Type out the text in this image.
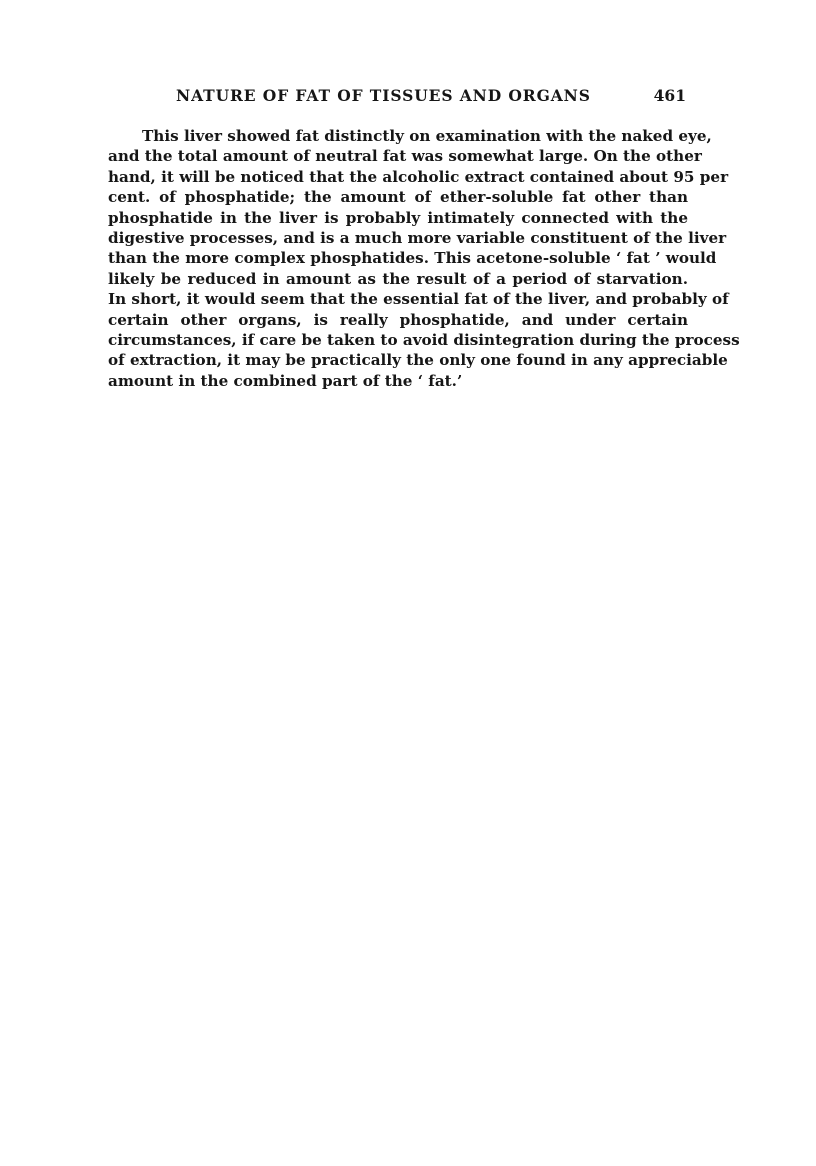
NATURE OF FAT OF TISSUES AND ORGANS	461

This liver showed fat distinctly on examination with the naked eye,
and the total amount of neutral fat was somewhat large. On the other
hand, it will be noticed that the alcoholic extract contained about 95 per
cent. of phosphatide; the amount of ether-soluble fat other than
phosphatide in the liver is probably intimately connected with the
digestive processes, and is a much more variable constituent of the liver
than the more complex phosphatides. This acetone-soluble ‘ fat ’ would
likely be reduced in amount as the result of a period of starvation.
In short, it would seem that the essential fat of the liver, and probably of
certain other organs, is really phosphatide, and under certain
circumstances, if care be taken to avoid disintegration during the process
of extraction, it may be practically the only one found in any appreciable
amount in the combined part of the ‘ fat.’
